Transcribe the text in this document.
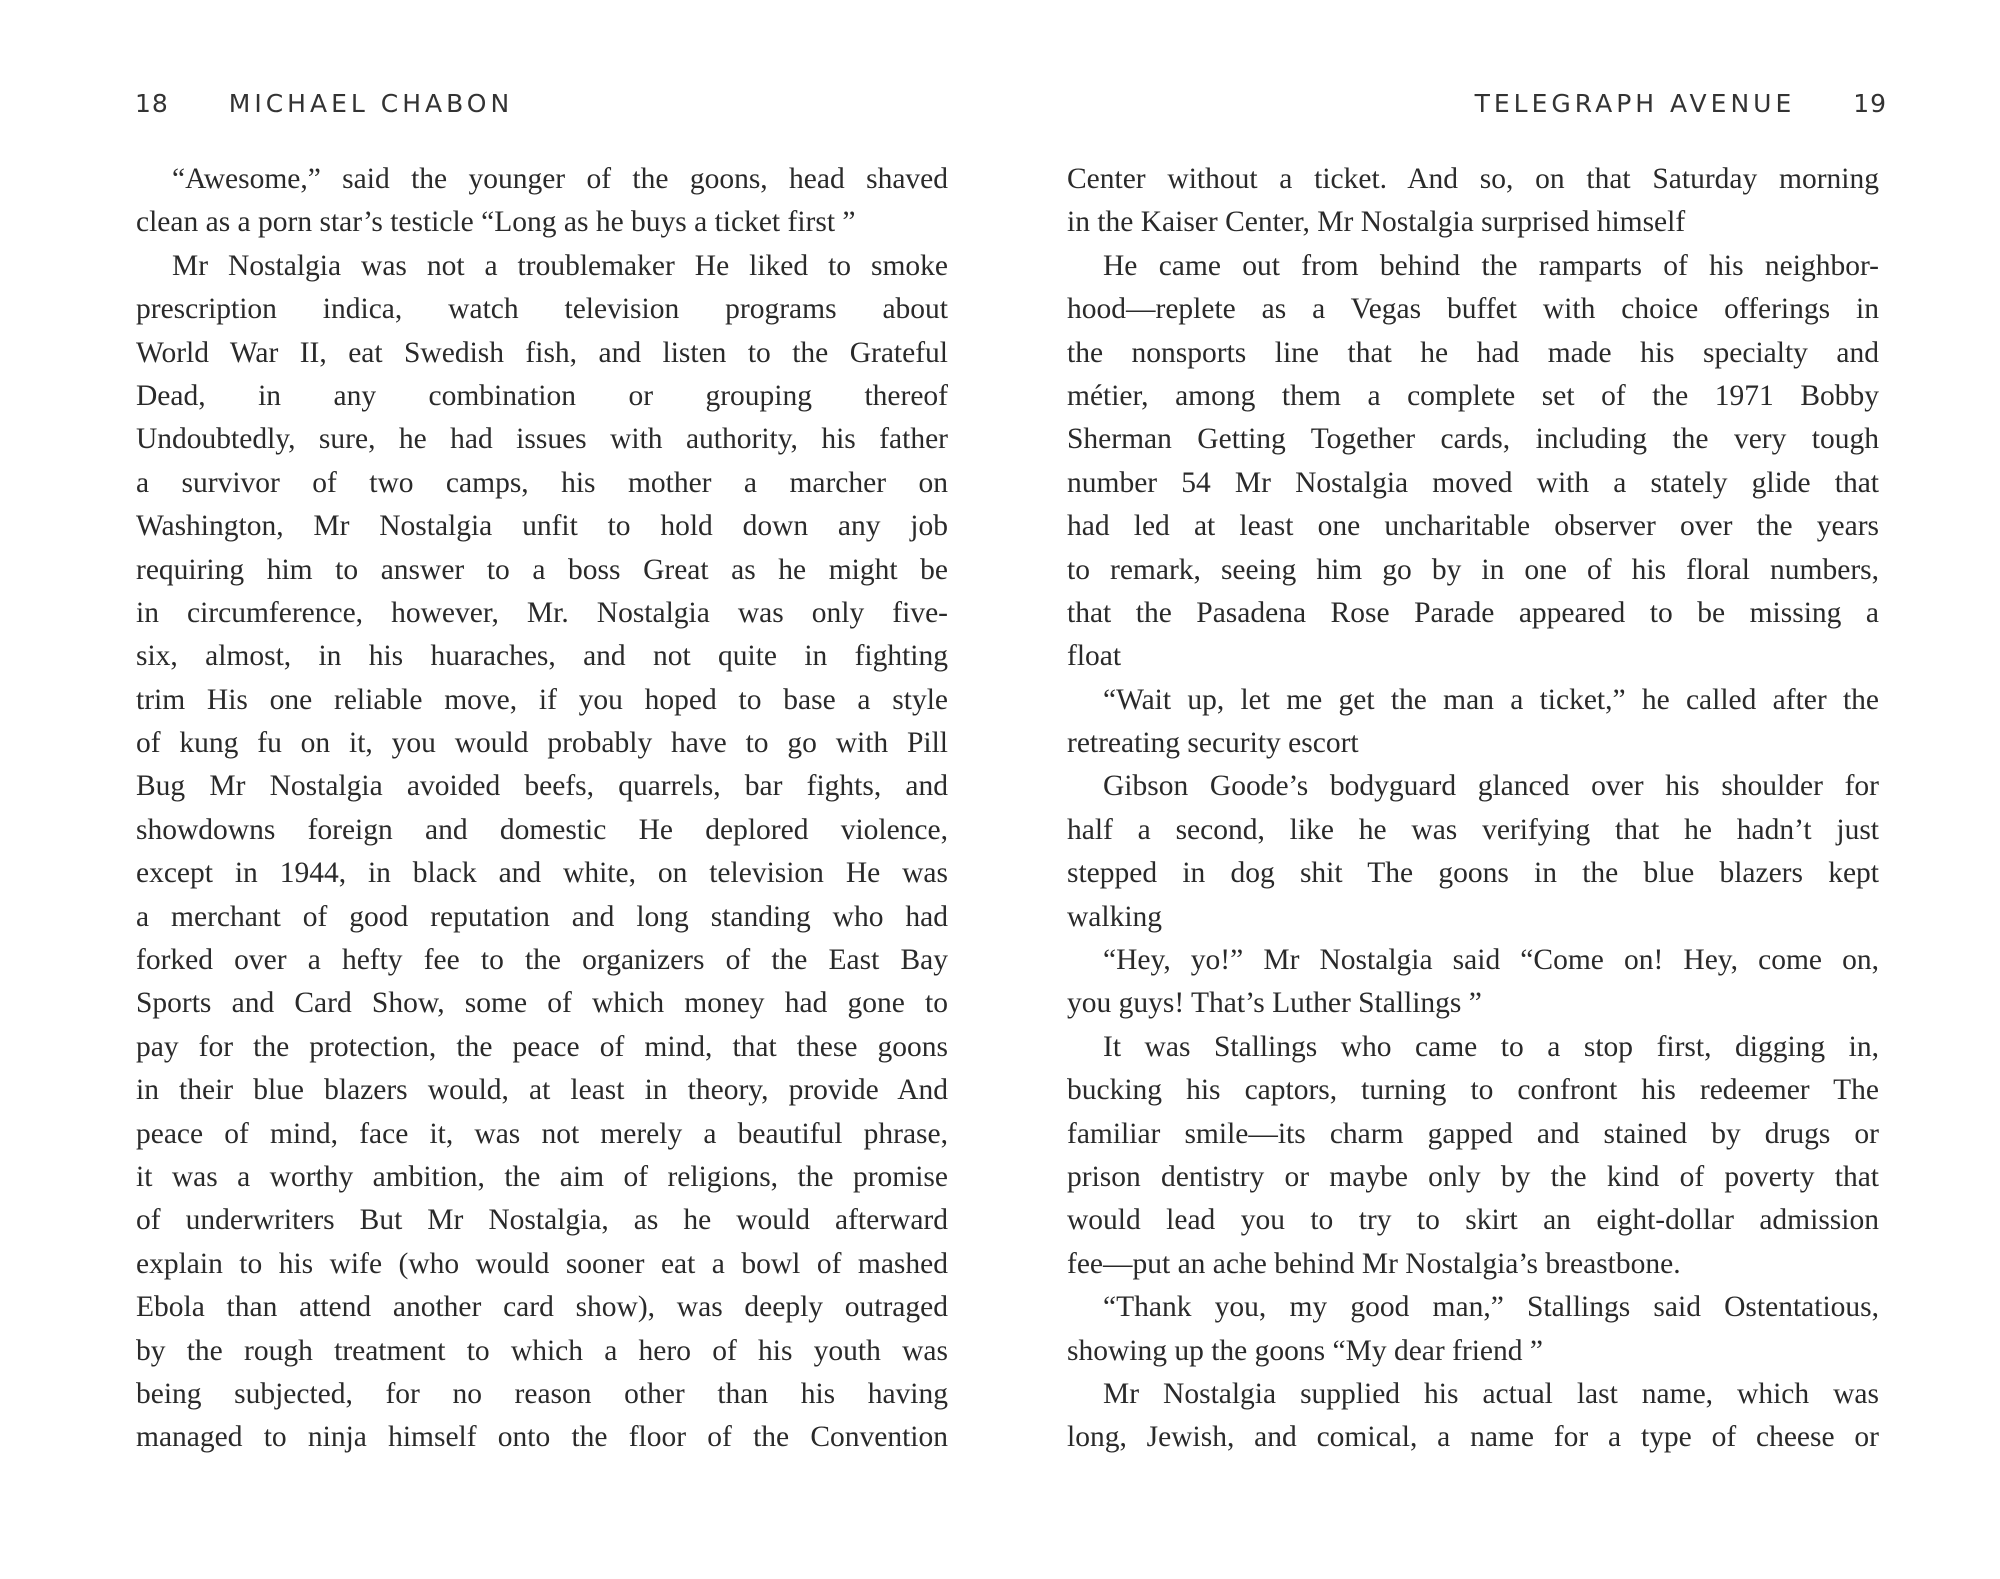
18 MICHAEL CHABON	TELEGRAPH AVENUE 19
“Awesome,” said the younger of the goons, head shaved
clean as a porn star’s testicle “Long as he buys a ticket first ”
Mr Nostalgia was not a troublemaker He liked to smoke
prescription indica, watch television programs about
World War II, eat Swedish fish, and listen to the Grateful
Dead, in any combination or grouping thereof
Undoubtedly, sure, he had issues with authority, his father
a survivor of two camps, his mother a marcher on
Washington, Mr Nostalgia unfit to hold down any job
requiring him to answer to a boss Great as he might be
in circumference, however, Mr. Nostalgia was only five-
six, almost, in his huaraches, and not quite in fighting
trim His one reliable move, if you hoped to base a style
of kung fu on it, you would probably have to go with Pill
Bug Mr Nostalgia avoided beefs, quarrels, bar fights, and
showdowns foreign and domestic He deplored violence,
except in 1944, in black and white, on television He was
a merchant of good reputation and long standing who had
forked over a hefty fee to the organizers of the East Bay
Sports and Card Show, some of which money had gone to
pay for the protection, the peace of mind, that these goons
in their blue blazers would, at least in theory, provide And
peace of mind, face it, was not merely a beautiful phrase,
it was a worthy ambition, the aim of religions, the promise
of underwriters But Mr Nostalgia, as he would afterward
explain to his wife (who would sooner eat a bowl of mashed
Ebola than attend another card show), was deeply outraged
by the rough treatment to which a hero of his youth was
being subjected, for no reason other than his having
managed to ninja himself onto the floor of the Convention
Center without a ticket. And so, on that Saturday morning
in the Kaiser Center, Mr Nostalgia surprised himself
He came out from behind the ramparts of his neighbor-
hood—replete as a Vegas buffet with choice offerings in
the nonsports line that he had made his specialty and
métier, among them a complete set of the 1971 Bobby
Sherman Getting Together cards, including the very tough
number 54 Mr Nostalgia moved with a stately glide that
had led at least one uncharitable observer over the years
to remark, seeing him go by in one of his floral numbers,
that the Pasadena Rose Parade appeared to be missing a
float
“Wait up, let me get the man a ticket,” he called after the
retreating security escort
Gibson Goode’s bodyguard glanced over his shoulder for
half a second, like he was verifying that he hadn’t just
stepped in dog shit The goons in the blue blazers kept
walking
“Hey, yo!” Mr Nostalgia said “Come on! Hey, come on,
you guys! That’s Luther Stallings ”
It was Stallings who came to a stop first, digging in,
bucking his captors, turning to confront his redeemer The
familiar smile—its charm gapped and stained by drugs or
prison dentistry or maybe only by the kind of poverty that
would lead you to try to skirt an eight-dollar admission
fee—put an ache behind Mr Nostalgia’s breastbone.
“Thank you, my good man,” Stallings said Ostentatious,
showing up the goons “My dear friend ”
Mr Nostalgia supplied his actual last name, which was
long, Jewish, and comical, a name for a type of cheese or
